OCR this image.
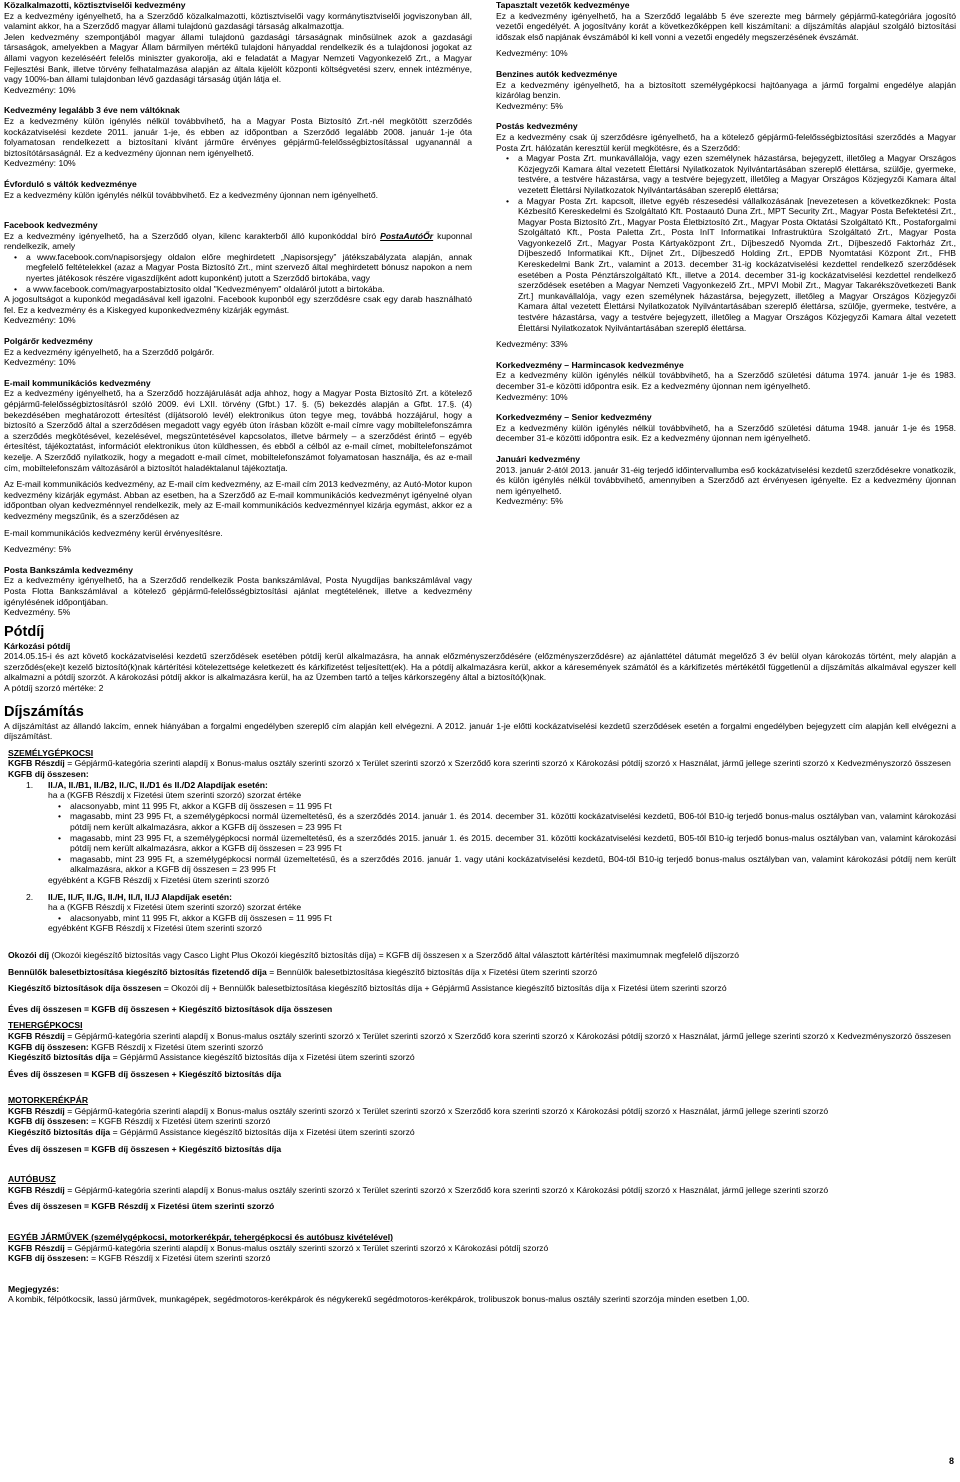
Közalkalmazotti, köztisztviselői kedvezmény

Ez a kedvezmény igényelhető, ha a Szerződő közalkalmazotti, köztisztviselői vagy kormánytisztviselői jogviszonyban áll, valamint akkor, ha a Szerződő magyar állami tulajdonú gazdasági társaság alkalmazottja.

Jelen kedvezmény szempontjából magyar állami tulajdonú gazdasági társaságnak minősülnek azok a gazdasági társaságok, amelyekben a Magyar Állam bármilyen mértékű tulajdoni hányaddal rendelkezik és a tulajdonosi jogokat az állami vagyon kezeléséért felelős miniszter gyakorolja, aki e feladatát a Magyar Nemzeti Vagyonkezelő Zrt., a Magyar Fejlesztési Bank, illetve törvény felhatalmazása alapján az általa kijelölt központi költségvetési szerv, ennek intézménye, vagy 100%-ban állami tulajdonban lévő gazdasági társaság útján látja el.

Kedvezmény: 10%

Kedvezmény legalább 3 éve nem váltóknak

Ez a kedvezmény külön igénylés nélkül továbbvihető, ha a Magyar Posta Biztosító Zrt.-nél megkötött szerződés kockázatviselési kezdete 2011. január 1-je, és ebben az időpontban a Szerződő legalább 2008. január 1-je óta folyamatosan rendelkezett a biztosítani kívánt járműre érvényes gépjármű-felelősségbiztosítással ugyanannál a biztosítótársaságnál. Ez a kedvezmény újonnan nem igényelhető.

Kedvezmény: 10%

Évforduló s váltók kedvezménye

Ez a kedvezmény külön igénylés nélkül továbbvihető. Ez a kedvezmény újonnan nem igényelhető.

Facebook kedvezmény

Ez a kedvezmény igényelhető, ha a Szerződő olyan, kilenc karakterből álló kuponkóddal bíró PostaAutóŐr kuponnal rendelkezik, amely

• a www.facebook.com/napisorsjegy oldalon előre meghirdetett „Napisorsjegy” játékszabályzata alapján, annak megfelelő feltételekkel (azaz a Magyar Posta Biztosító Zrt., mint szervező által meghirdetett bónusz napokon a nem nyertes játékosok részére vigaszdíjként adott kuponként) jutott a Szerződő birtokába, vagy
• a www.facebook.com/magyarpostabiztosito oldal "Kedvezményem" oldaláról jutott a birtokába.

A jogosultságot a kuponkód megadásával kell igazolni. Facebook kuponból egy szerződésre csak egy darab használható fel. Ez a kedvezmény és a Kiskegyed kuponkedvezmény kizárják egymást.

Kedvezmény: 10%

Polgárőr kedvezmény

Ez a kedvezmény igényelhető, ha a Szerződő polgárőr.

Kedvezmény: 10%

E-mail kommunikációs kedvezmény

Ez a kedvezmény igényelhető, ha a Szerződő hozzájárulását adja ahhoz, hogy a Magyar Posta Biztosító Zrt. a kötelező gépjármű-felelősségbiztosításról szóló 2009. évi LXII. törvény (Gfbt.) 17. §. (5) bekezdés alapján a Gfbt. 17.§. (4) bekezdésében meghatározott értesítést (díjátsoroló levél) elektronikus úton tegye meg, továbbá hozzájárul, hogy a biztosító a Szerződő által a szerződésen megadott vagy egyéb úton írásban közölt e-mail címre vagy mobiltelefonszámra a szerződés megkötésével, kezelésével, megszüntetésével kapcsolatos, illetve bármely – a szerződést érintő – egyéb értesítést, tájékoztatást, információt elektronikus úton küldhessen, és ebből a célból az e-mail címet, mobiltelefonszámot kezelje. A Szerződő nyilatkozik, hogy a megadott e-mail címet, mobiltelefonszámot folyamatosan használja, és az e-mail cím, mobiltelefonszám változásáról a biztosítót haladéktalanul tájékoztatja.

Az E-mail kommunikációs kedvezmény, az E-mail cím kedvezmény, az E-mail cím 2013 kedvezmény, az Autó-Motor kupon kedvezmény kizárják egymást. Abban az esetben, ha a Szerződő az E-mail kommunikációs kedvezményt igényelné olyan időpontban olyan kedvezménnyel rendelkezik, mely az E-mail kommunikációs kedvezménnyel kizárja egymást, akkor ez a kedvezmény megszűnik, és a szerződésen az

E-mail kommunikációs kedvezmény kerül érvényesítésre.

Kedvezmény: 5%

Posta Bankszámla kedvezmény

Ez a kedvezmény igényelhető, ha a Szerződő rendelkezik Posta bankszámlával, Posta Nyugdíjas bankszámlával vagy Posta Flotta Bankszámlával a kötelező gépjármű-felelősségbiztosítási ajánlat megtételének, illetve a kedvezmény igénylésének időpontjában.

Kedvezmény. 5%

Tapasztalt vezetők kedvezménye

Ez a kedvezmény igényelhető, ha a Szerződő legalább 5 éve szerezte meg bármely gépjármű-kategóriára jogosító vezetői engedélyét. A jogosítvány korát a következőképpen kell kiszámítani: a díjszámítás alapjául szolgáló biztosítási időszak első napjának évszámából ki kell vonni a vezetői engedély megszerzésének évszámát.

Kedvezmény: 10%

Benzines autók kedvezménye

Ez a kedvezmény igényelhető, ha a biztosított személygépkocsi hajtóanyaga a jármű forgalmi engedélye alapján kizárólag benzin.

Kedvezmény: 5%

Postás kedvezmény

Ez a kedvezmény csak új szerződésre igényelhető, ha a kötelező gépjármű-felelősségbiztosítási szerződés a Magyar Posta Zrt. hálózatán keresztül kerül megkötésre, és a Szerződő:

• a Magyar Posta Zrt. munkavállalója, vagy ezen személynek házastársa, bejegyzett, illetőleg a Magyar Országos Közjegyzői Kamara által vezetett Élettársi Nyilatkozatok Nyilvántartásában szereplő élettársa, szülője, gyermeke, testvére, a testvére házastársa, vagy a testvére bejegyzett, illetőleg a Magyar Országos Közjegyzői Kamara által vezetett Élettársi Nyilatkozatok Nyilvántartásában szereplő élettársa;
• a Magyar Posta Zrt. kapcsolt, illetve egyéb részesedési vállalkozásának [nevezetesen a következőknek: Posta Kézbesítő Kereskedelmi és Szolgáltató Kft. Postaautó Duna Zrt., MPT Security Zrt., Magyar Posta Befektetési Zrt., Magyar Posta Biztosító Zrt., Magyar Posta Életbiztosító Zrt., Magyar Posta Oktatási Szolgáltató Kft., Postaforgalmi Szolgáltató Kft., Posta Paletta Zrt., Posta InIT Informatikai Infrastruktúra Szolgáltató Zrt., Magyar Posta Vagyonkezelő Zrt., Magyar Posta Kártyaközpont Zrt., Díjbeszedő Nyomda Zrt., Díjbeszedő Faktorház Zrt., Díjbeszedő Informatikai Kft., Díjnet Zrt., Díjbeszedő Holding Zrt., EPDB Nyomtatási Központ Zrt., FHB Kereskedelmi Bank Zrt., valamint a 2013. december 31-ig kockázatviselési kezdettel rendelkező szerződések esetében a Posta Pénztárszolgáltató Kft., illetve a 2014. december 31-ig kockázatviselési kezdettel rendelkező szerződések esetében a Magyar Nemzeti Vagyonkezelő Zrt., MPVI Mobil Zrt., Magyar Takarékszövetkezeti Bank Zrt.] munkavállalója, vagy ezen személynek házastársa, bejegyzett, illetőleg a Magyar Országos Közjegyzői Kamara által vezetett Élettársi Nyilatkozatok Nyilvántartásában szereplő élettársa, szülője, gyermeke, testvére, a testvére házastársa, vagy a testvére bejegyzett, illetőleg a Magyar Országos Közjegyzői Kamara által vezetett Élettársi Nyilatkozatok Nyilvántartásában szereplő élettársa.

Kedvezmény: 33%

Korkedvezmény – Harmincasok kedvezménye

Ez a kedvezmény külön igénylés nélkül továbbvihető, ha a Szerződő születési dátuma 1974. január 1-je és 1983. december 31-e közötti időpontra esik. Ez a kedvezmény újonnan nem igényelhető.

Kedvezmény: 10%

Korkedvezmény – Senior kedvezmény

Ez a kedvezmény külön igénylés nélkül továbbvihető, ha a Szerződő születési dátuma 1948. január 1-je és 1958. december 31-e közötti időpontra esik. Ez a kedvezmény újonnan nem igényelhető.

Januári kedvezmény

2013. január 2-ától 2013. január 31-éig terjedő időintervallumba eső kockázatviselési kezdetű szerződésekre vonatkozik, és külön igénylés nélkül továbbvihető, amennyiben a Szerződő azt érvényesen igényelte. Ez a kedvezmény újonnan nem igényelhető.

Kedvezmény: 5%

Pótdíj

Kárkozási pótdíj

2014.05.15-i és azt követő kockázatviselési kezdetű szerződések esetében pótdíj kerül alkalmazásra, ha annak előzményszerződésére (előzményszerződésre) az ajánlattétel dátumát megelőző 3 év belül olyan károkozás történt, mely alapján a szerződés(eke)t kezelő biztosító(k)nak kártérítési kötelezettsége keletkezett és kárkifizetést teljesített(ek). Ha a pótdíj alkalmazásra kerül, akkor a káresemények számától és a kárkifizetés mértékétől függetlenül a díjszámítás alkalmával egyszer kell alkalmazni a pótdíj szorzót. A károkozási pótdíj akkor is alkalmazásra kerül, ha az Üzemben tartó a teljes kárkorszegény által a biztosító(k)nak.

A pótdíj szorzó mértéke: 2

Díjszámítás

A díjszámítást az állandó lakcím, ennek hiányában a forgalmi engedélyben szereplő cím alapján kell elvégezni. A 2012. január 1-je előtti kockázatviselési kezdetű szerződések esetén a forgalmi engedélyben bejegyzett cím alapján kell elvégezni a díjszámítást.

SZEMÉLYGÉPKOCSI

KGFB Részdíj = Gépjármű-kategória szerinti alapdíj x Bonus-malus osztály szerinti szorzó x Terület szerinti szorzó x Szerződő kora szerinti szorzó x Károkozási pótdíj szorzó x Használat, jármű jellege szerinti szorzó x Kedvezményszorzó összesen

KGFB díj összesen:

1. II./A, II./B1, II./B2, II./C, II./D1 és II./D2 Alapdíjak esetén:

ha a (KGFB Részdíj x Fizetési ütem szerinti szorzó) szorzat értéke

• alacsonyabb, mint 11 995 Ft, akkor a KGFB díj összesen = 11 995 Ft
• magasabb, mint 23 995 Ft, a személygépkocsi normál üzemeltetésű, és a szerződés 2014. január 1. és 2014. december 31. közötti kockázatviselési kezdetű, B06-tól B10-ig terjedő bonus-malus osztályban van, valamint károkozási pótdíj nem került alkalmazásra, akkor a KGFB díj összesen = 23 995 Ft
• magasabb, mint 23 995 Ft, a személygépkocsi normál üzemeltetésű, és a szerződés 2015. január 1. és 2015. december 31. közötti kockázatviselési kezdetű, B05-től B10-ig terjedő bonus-malus osztályban van, valamint károkozási pótdíj nem került alkalmazásra, akkor a KGFB díj összesen = 23 995 Ft
• magasabb, mint 23 995 Ft, a személygépkocsi normál üzemeltetésű, és a szerződés 2016. január 1. vagy utáni kockázatviselési kezdetű, B04-től B10-ig terjedő bonus-malus osztályban van, valamint károkozási pótdíj nem került alkalmazásra, akkor a KGFB díj összesen = 23 995 Ft

egyébként a KGFB Részdíj x Fizetési ütem szerinti szorzó

2. II./E, II./F, II./G, II./H, II./I, II./J Alapdíjak esetén:

ha a (KGFB Részdíj x Fizetési ütem szerinti szorzó) szorzat értéke

• alacsonyabb, mint 11 995 Ft, akkor a KGFB díj összesen = 11 995 Ft

egyébként KGFB Részdíj x Fizetési ütem szerinti szorzó

Okozói díj (Okozói kiegészítő biztosítás vagy Casco Light Plus Okozói kiegészítő biztosítás díja) = KGFB díj összesen x a Szerződő által választott kártérítési maximumnak megfelelő díjszorzó

Bennülők balesetbiztosítása kiegészítő biztosítás fizetendő díja = Bennülők balesetbiztosítása kiegészítő biztosítás díja x Fizetési ütem szerinti szorzó

Kiegészítő biztosítások díja összesen = Okozói díj + Bennülők balesetbiztosítása kiegészítő biztosítás díja + Gépjármű Assistance kiegészítő biztosítás díja x Fizetési ütem szerinti szorzó

Éves díj összesen = KGFB díj összesen + Kiegészítő biztosítások díja összesen

TEHERGÉPKOCSI

KGFB Részdíj = Gépjármű-kategória szerinti alapdíj x Bonus-malus osztály szerinti szorzó x Terület szerinti szorzó x Szerződő kora szerinti szorzó x Károkozási pótdíj szorzó x Használat, jármű jellege szerinti szorzó x Kedvezményszorzó összesen

KGFB díj összesen: KGFB Részdíj x Fizetési ütem szerinti szorzó

Kiegészítő biztosítás díja = Gépjármű Assistance kiegészítő biztosítás díja x Fizetési ütem szerinti szorzó

Éves díj összesen = KGFB díj összesen + Kiegészítő biztosítás díja

MOTORKERÉKPÁR

KGFB Részdíj = Gépjármű-kategória szerinti alapdíj x Bonus-malus osztály szerinti szorzó x Terület szerinti szorzó x Szerződő kora szerinti szorzó x Károkozási pótdíj szorzó x Használat, jármű jellege szerinti szorzó

KGFB díj összesen: = KGFB Részdíj x Fizetési ütem szerinti szorzó

Kiegészítő biztosítás díja = Gépjármű Assistance kiegészítő biztosítás díja x Fizetési ütem szerinti szorzó

Éves díj összesen = KGFB díj összesen + Kiegészítő biztosítás díja

AUTÓBUSZ

KGFB Részdíj = Gépjármű-kategória szerinti alapdíj x Bonus-malus osztály szerinti szorzó x Terület szerinti szorzó x Szerződő kora szerinti szorzó x Károkozási pótdíj szorzó x Használat, jármű jellege szerinti szorzó

Éves díj összesen = KGFB Részdíj x Fizetési ütem szerinti szorzó

EGYÉB JÁRMŰVEK (személygépkocsi, motorkerékpár, tehergépkocsi és autóbusz kivételével)

KGFB Részdíj = Gépjármű-kategória szerinti alapdíj x Bonus-malus osztály szerinti szorzó x Terület szerinti szorzó x Károkozási pótdíj szorzó

KGFB díj összesen: = KGFB Részdíj x Fizetési ütem szerinti szorzó

Megjegyzés:

A kombik, félpótkocsik, lassú járművek, munkagépek, segédmotoros-kerékpárok és négykerekű segédmotoros-kerékpárok, trolibuszok bonus-malus osztály szerinti szorzója minden esetben 1,00.

8
